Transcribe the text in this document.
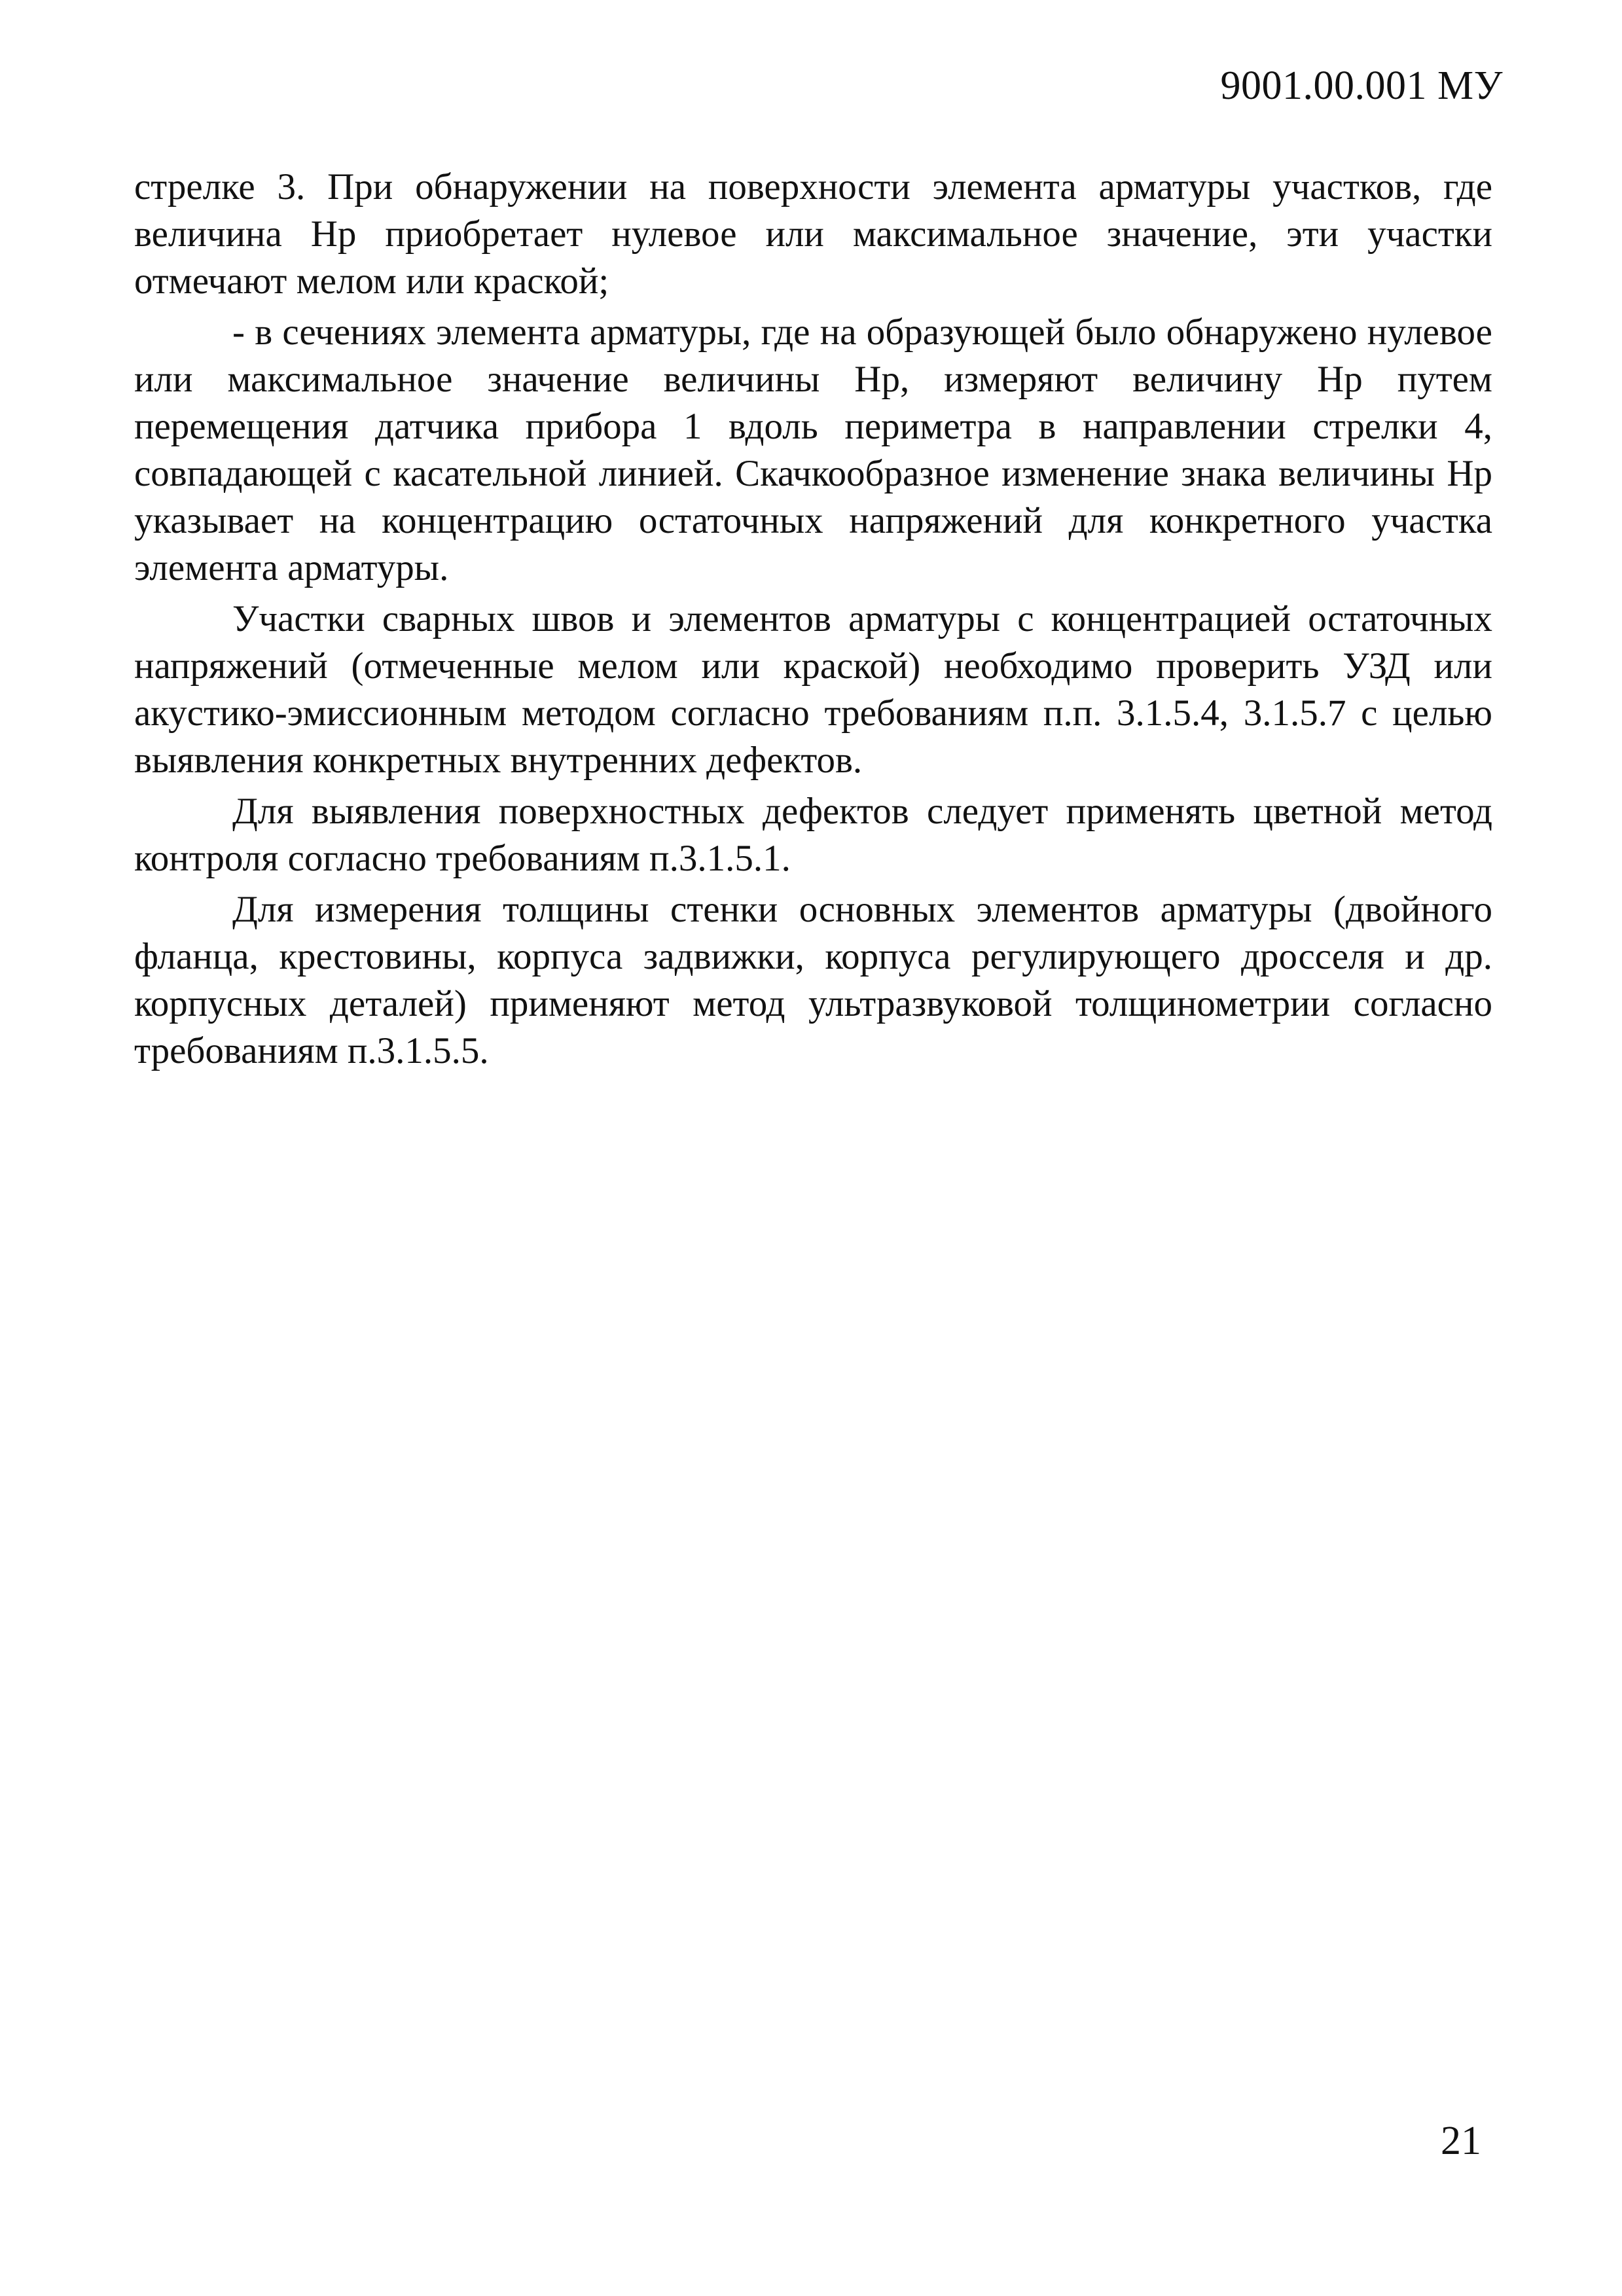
9001.00.001 МУ

стрелке 3. При обнаружении на поверхности элемента арматуры участков, где величина Hp приобретает нулевое или максимальное значение, эти участки отмечают мелом или краской;

- в сечениях элемента арматуры, где на образующей было обнаружено нулевое или максимальное значение величины Hp, измеряют величину Hp путем перемещения датчика прибора 1 вдоль периметра в направлении стрелки 4, совпадающей с касательной линией. Скачкообразное изменение знака величины Hp указывает на концентрацию остаточных напряжений для конкретного участка элемента арматуры.

Участки сварных швов и элементов арматуры с концентрацией остаточных напряжений (отмеченные мелом или краской) необходимо проверить УЗД или акустико-эмиссионным методом согласно требованиям п.п. 3.1.5.4, 3.1.5.7 с целью выявления конкретных внутренних дефектов.

Для выявления поверхностных дефектов следует применять цветной метод контроля согласно требованиям п.3.1.5.1.

Для измерения толщины стенки основных элементов арматуры (двойного фланца, крестовины, корпуса задвижки, корпуса регулирующего дросселя и др. корпусных деталей) применяют метод ультразвуковой толщинометрии согласно требованиям п.3.1.5.5.

21
